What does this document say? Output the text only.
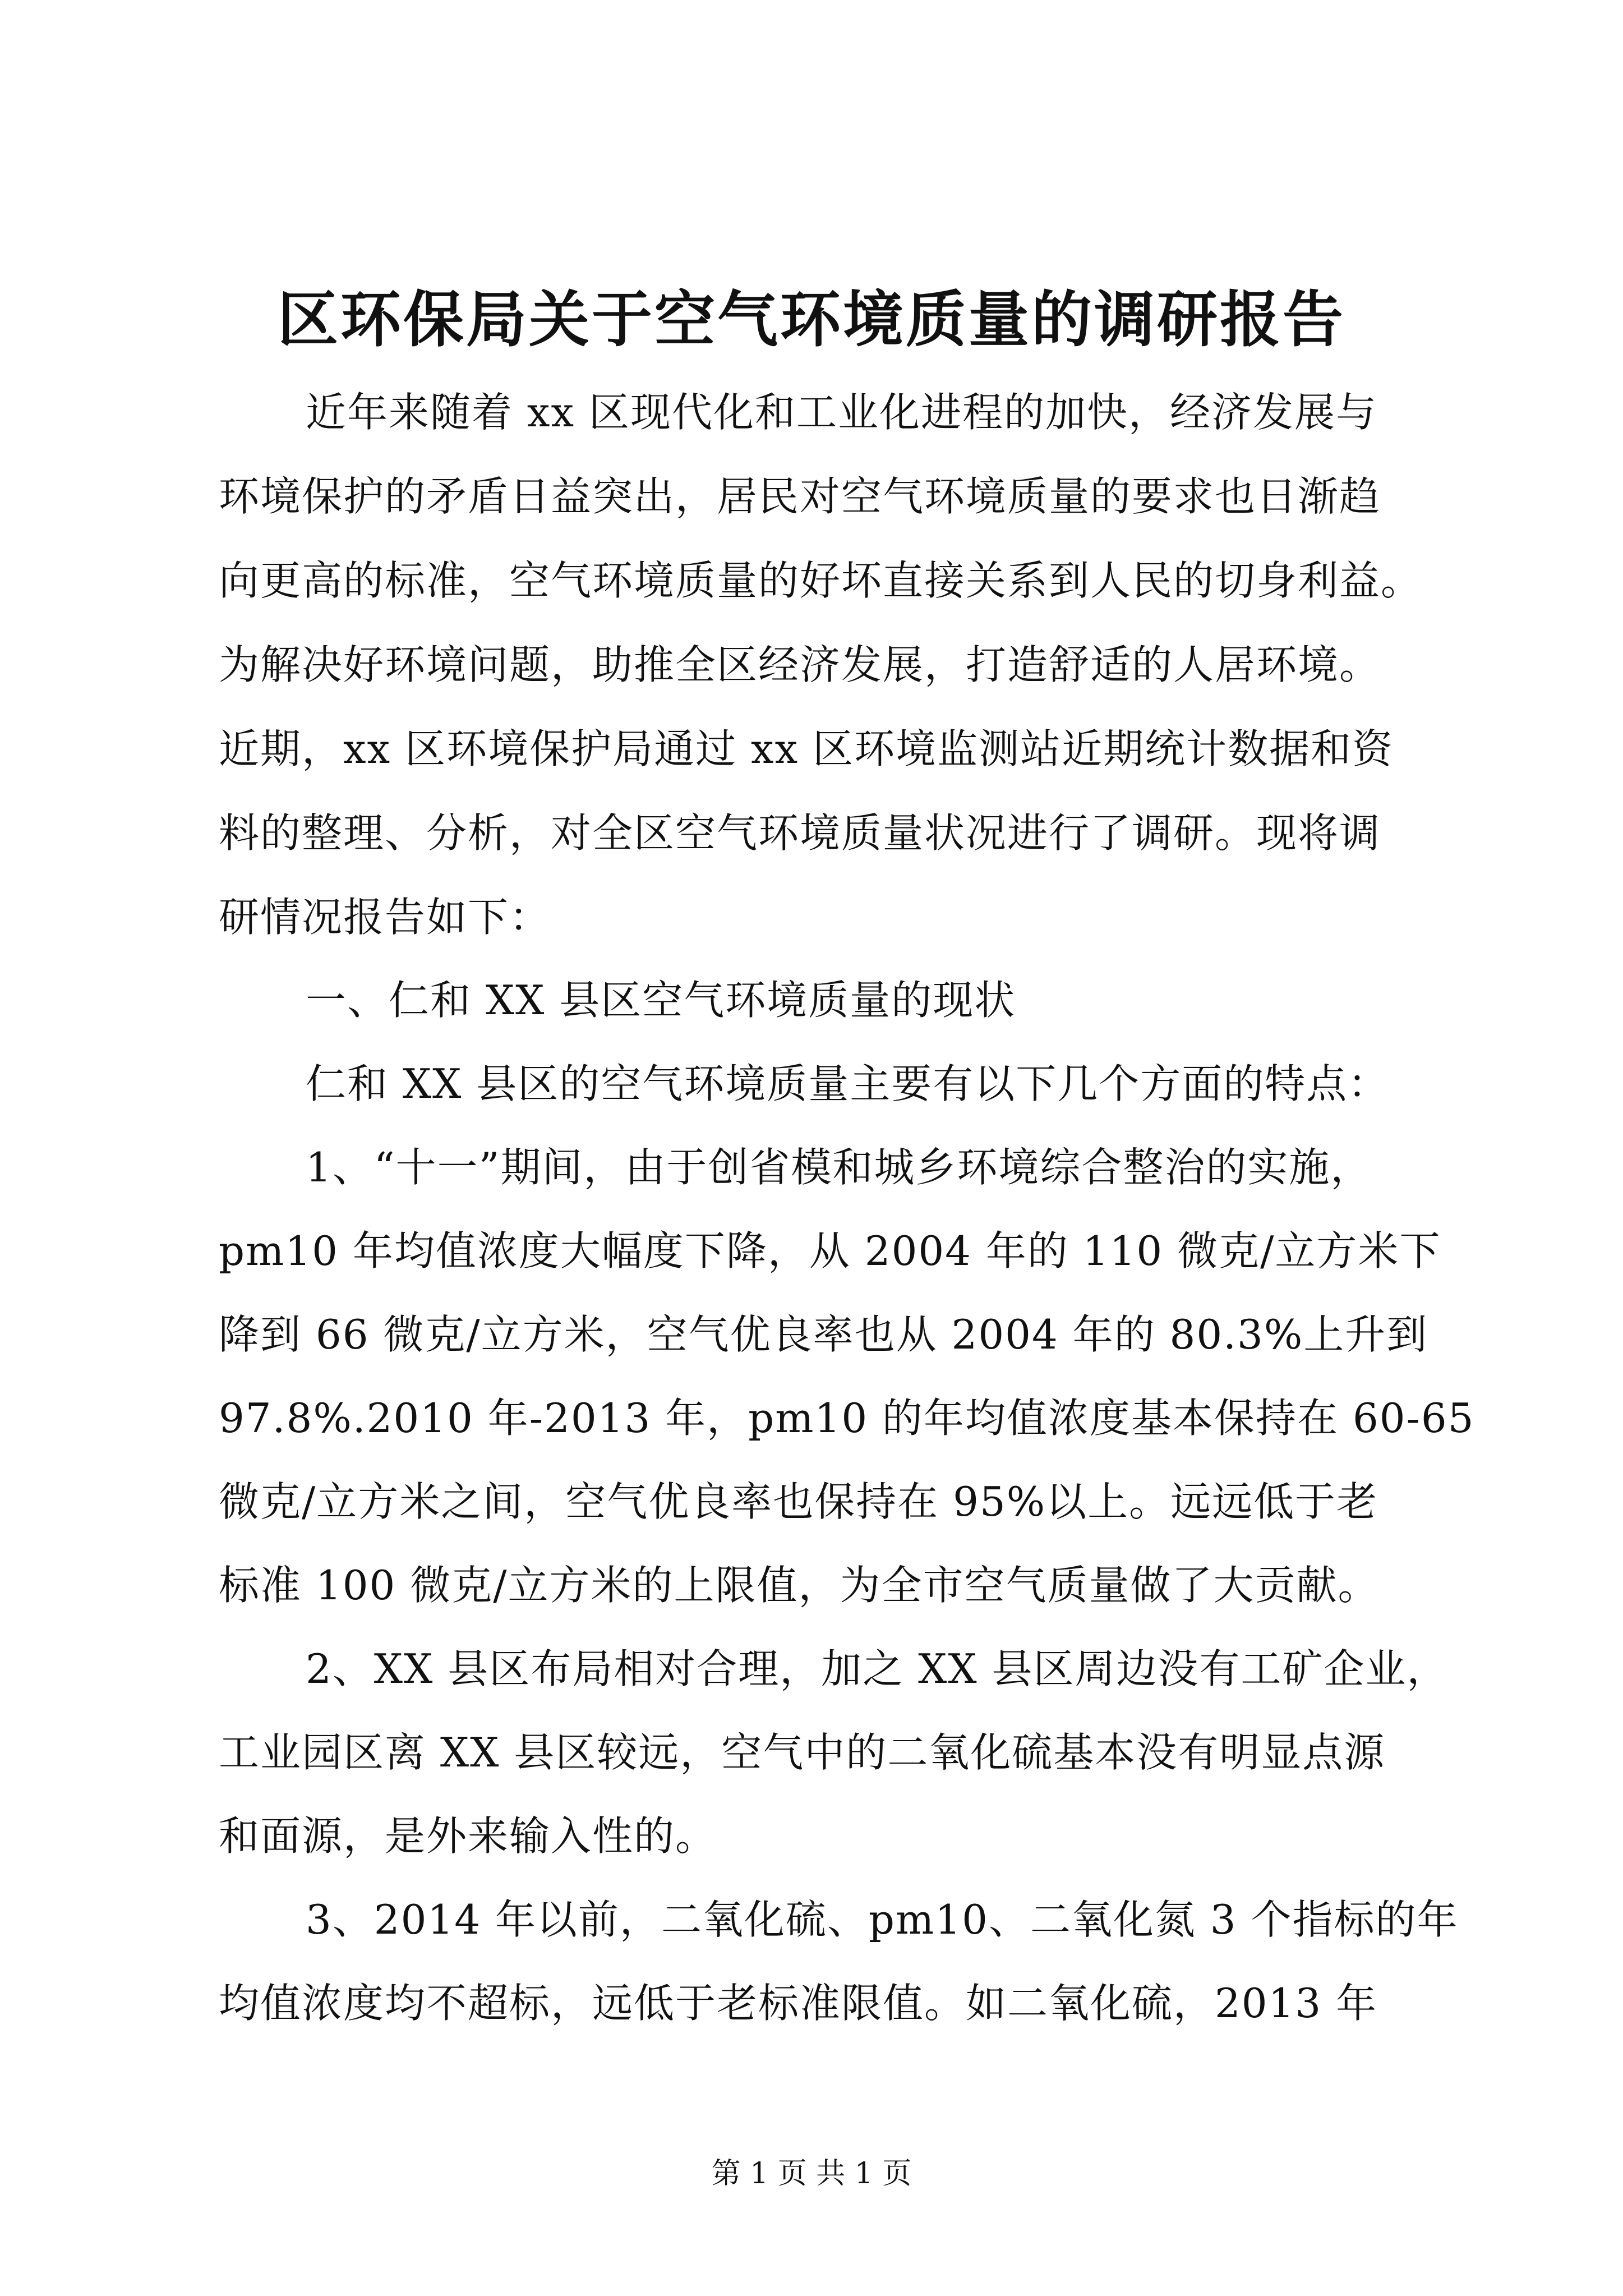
区环保局关于空气环境质量的调研报告

近年来随着 xx 区现代化和工业化进程的加快，经济发展与

环境保护的矛盾日益突出，居民对空气环境质量的要求也日渐趋

向更高的标准，空气环境质量的好坏直接关系到人民的切身利益。

为解决好环境问题，助推全区经济发展，打造舒适的人居环境。

近期，xx 区环境保护局通过 xx 区环境监测站近期统计数据和资

料的整理、分析，对全区空气环境质量状况进行了调研。现将调

研情况报告如下：

一、仁和 XX 县区空气环境质量的现状

仁和 XX 县区的空气环境质量主要有以下几个方面的特点：

1、“十一”期间，由于创省模和城乡环境综合整治的实施，

pm10 年均值浓度大幅度下降，从 2004 年的 110 微克/立方米下

降到 66 微克/立方米，空气优良率也从 2004 年的 80.3%上升到

97.8%.2010 年-2013 年，pm10 的年均值浓度基本保持在 60-65

微克/立方米之间，空气优良率也保持在 95%以上。远远低于老

标准 100 微克/立方米的上限值，为全市空气质量做了大贡献。

2、XX 县区布局相对合理，加之 XX 县区周边没有工矿企业，

工业园区离 XX 县区较远，空气中的二氧化硫基本没有明显点源

和面源，是外来输入性的。

3、2014 年以前，二氧化硫、pm10、二氧化氮 3 个指标的年

均值浓度均不超标，远低于老标准限值。如二氧化硫，2013 年

第 1 页 共 1 页
